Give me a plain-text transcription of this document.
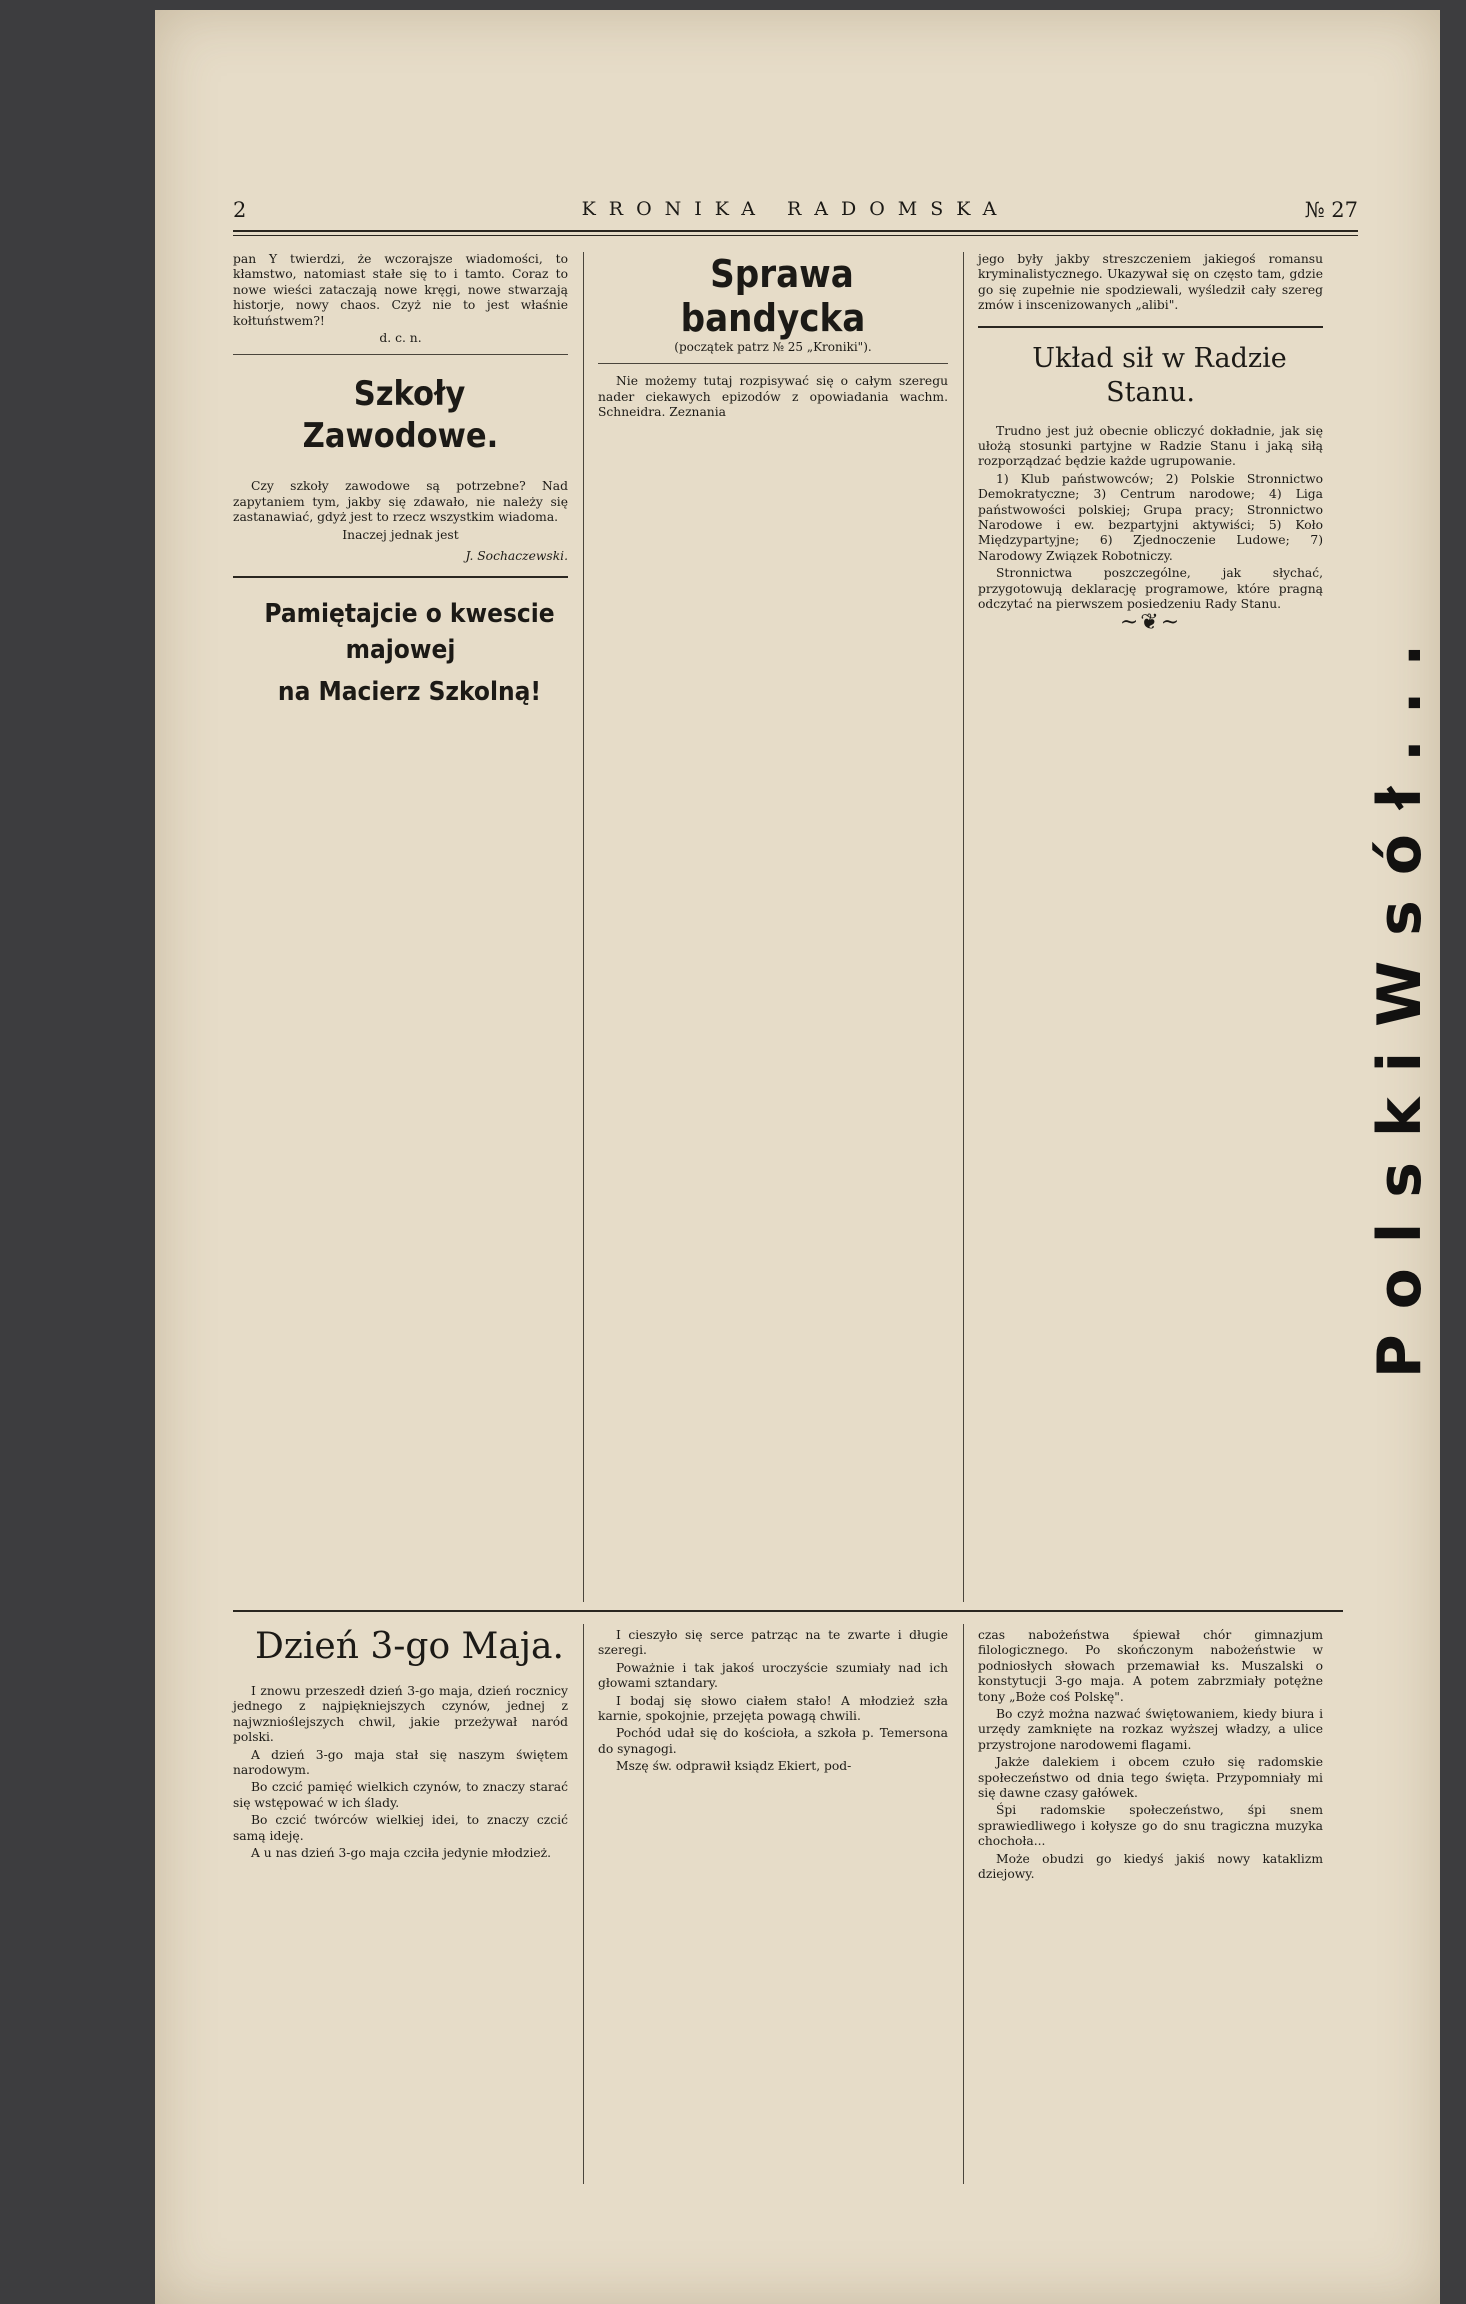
2	KRONIKA RADOMSKA	№ 27

pan Y twierdzi, że wczorajsze wiadomości, to kłamstwo, natomiast stałe się to i tamto. Coraz to nowe wieści zataczają nowe kręgi, nowe stwarzają historje, nowy chaos. Czyż nie to jest właśnie kołtuństwem?!

d. c. n.

Szkoły Zawodowe.

Czy szkoły zawodowe są potrzebne? Nad zapytaniem tym, jakby się zdawało, nie należy się zastanawiać, gdyż jest to rzecz wszystkim wiadoma.

Inaczej jednak jest

J. Sochaczewski.

Pamiętajcie o kwescie majowej

na Macierz Szkolną!

Sprawa bandycka

(początek patrz № 25 „Kroniki").

Nie możemy tutaj rozpisywać się o całym szeregu nader ciekawych epizodów z opowiadania wachm. Schneidra. Zeznania

jego były jakby streszczeniem jakiegoś romansu kryminalistycznego. Ukazywał się on często tam, gdzie go się zupełnie nie spodziewali, wyśledził cały szereg zmów i inscenizowanych „alibi".

Układ sił w Radzie Stanu.

Trudno jest już obecnie obliczyć dokładnie, jak się ułożą stosunki partyjne w Radzie Stanu i jaką siłą rozporządzać będzie każde ugrupowanie.

1) Klub państwowców; 2) Polskie Stronnictwo Demokratyczne; 3) Centrum narodowe; 4) Liga państwowości polskiej; Grupa pracy; Stronnictwo Narodowe i ew. bezpartyjni aktywiści; 5) Koło Międzypartyjne; 6) Zjednoczenie Ludowe; 7) Narodowy Związek Robotniczy.

Stronnictwa poszczególne, jak słychać, przygotowują deklarację programowe, które pragną odczytać na pierwszem posiedzeniu Rady Stanu.

~❦~

Dzień 3-go Maja.

I znowu przeszedł dzień 3-go maja, dzień rocznicy jednego z najpiękniejszych czynów, jednej z najwznioślejszych chwil, jakie przeżywał naród polski.

A dzień 3-go maja stał się naszym świętem narodowym.

Bo czcić pamięć wielkich czynów, to znaczy starać się wstępować w ich ślady.

Bo czcić twórców wielkiej idei, to znaczy czcić samą ideję.

A u nas dzień 3-go maja czciła jedynie młodzież.

I cieszyło się serce patrząc na te zwarte i długie szeregi.

Poważnie i tak jakoś uroczyście szumiały nad ich głowami sztandary.

I bodaj się słowo ciałem stało! A młodzież szła karnie, spokojnie, przejęta powagą chwili.

Pochód udał się do kościoła, a szkoła p. Temersona do synagogi.

Mszę św. odprawił ksiądz Ekiert, pod-

czas nabożeństwa śpiewał chór gimnazjum filologicznego. Po skończonym nabożeństwie w podniosłych słowach przemawiał ks. Muszalski o konstytucji 3-go maja. A potem zabrzmiały potężne tony „Boże coś Polskę".

Bo czyż można nazwać świętowaniem, kiedy biura i urzędy zamknięte na rozkaz wyższej władzy, a ulice przystrojone narodowemi flagami.

Jakże dalekiem i obcem czuło się radomskie społeczeństwo od dnia tego święta. Przypomniały mi się dawne czasy gałówek.

Śpi radomskie społeczeństwo, śpi snem sprawiedliwego i kołysze go do snu tragiczna muzyka chochoła...

Może obudzi go kiedyś jakiś nowy kataklizm dziejowy.

P o l s k i W s ó ł . . .
